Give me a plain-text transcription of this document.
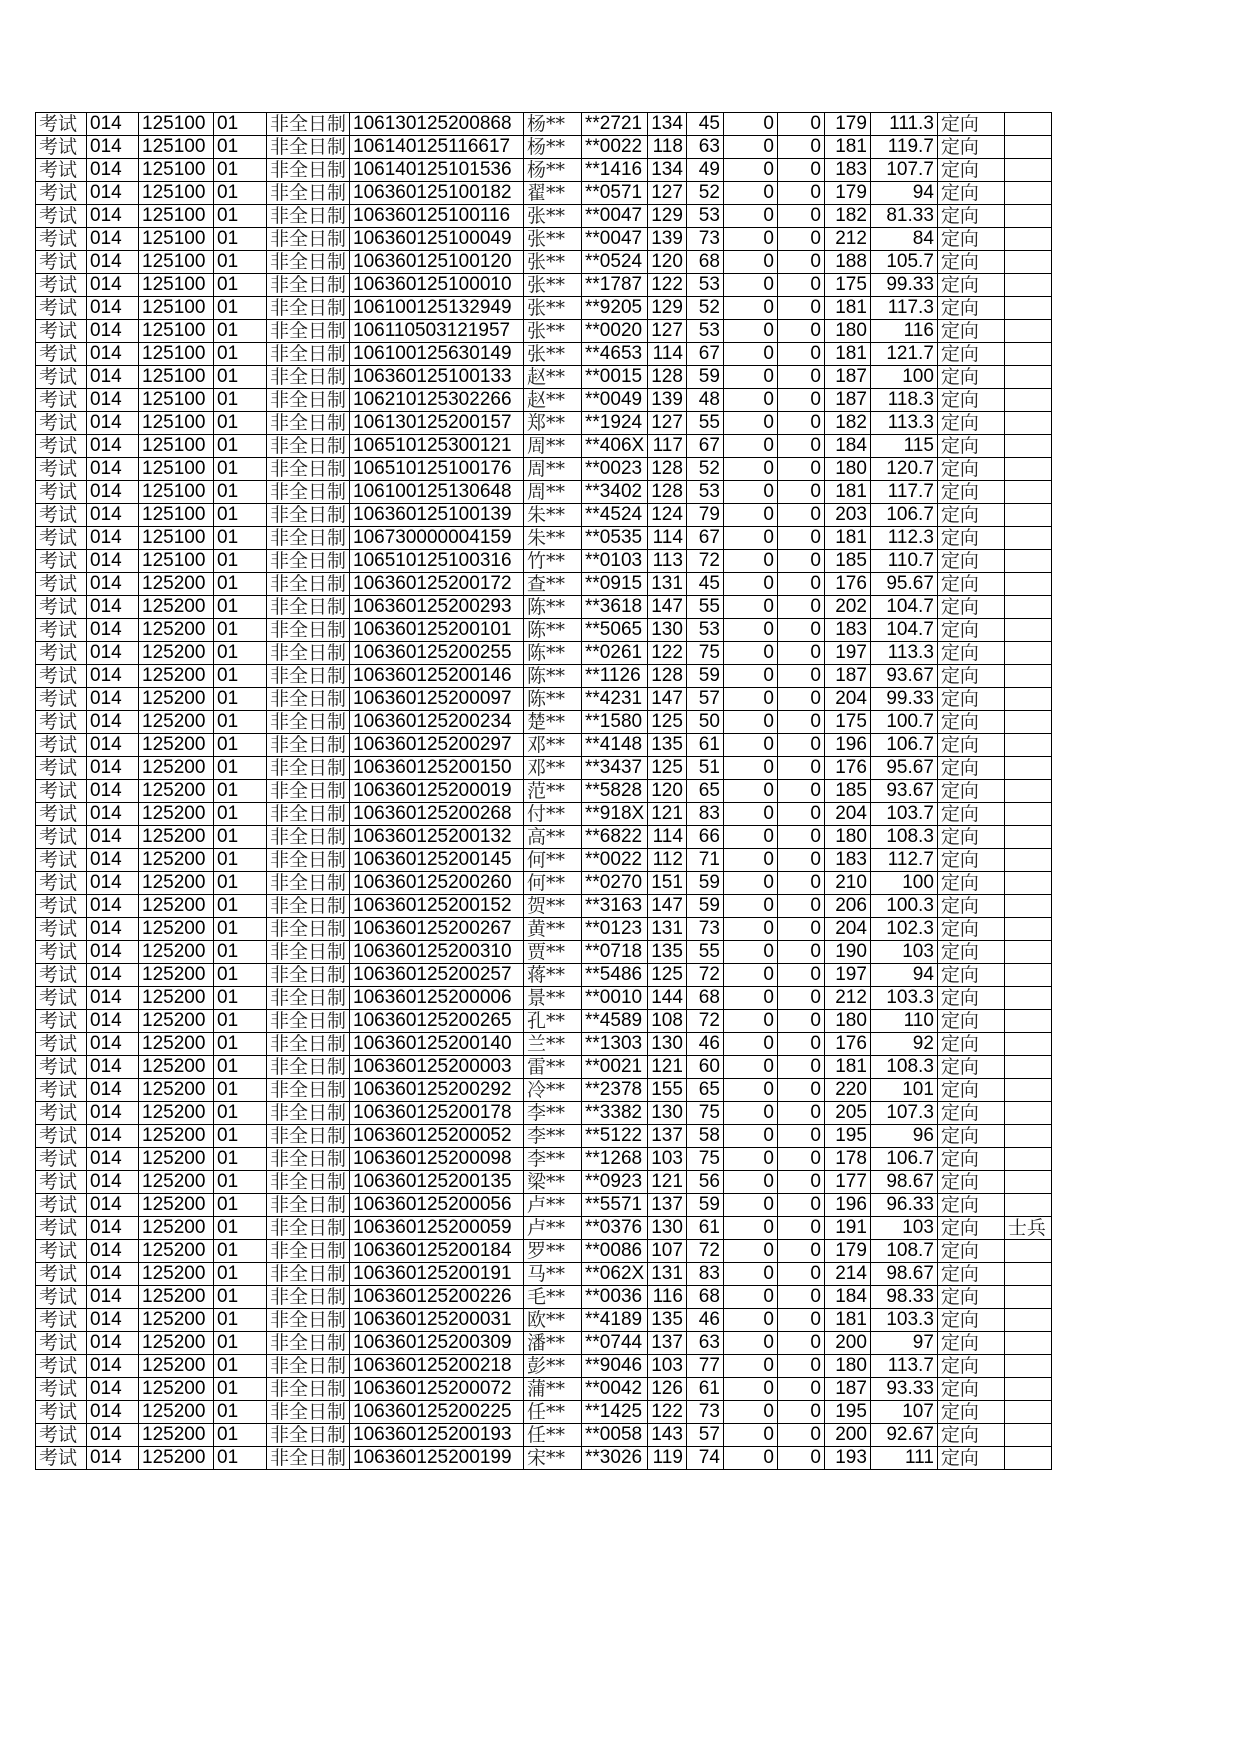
考试	014	125100	01	非全日制	106130125200868	杨**	**2721	134	45	0	0	179	111.3	定向	
考试	014	125100	01	非全日制	106140125116617	杨**	**0022	118	63	0	0	181	119.7	定向	
考试	014	125100	01	非全日制	106140125101536	杨**	**1416	134	49	0	0	183	107.7	定向	
考试	014	125100	01	非全日制	106360125100182	翟**	**0571	127	52	0	0	179	94	定向	
考试	014	125100	01	非全日制	106360125100116	张**	**0047	129	53	0	0	182	81.33	定向	
考试	014	125100	01	非全日制	106360125100049	张**	**0047	139	73	0	0	212	84	定向	
考试	014	125100	01	非全日制	106360125100120	张**	**0524	120	68	0	0	188	105.7	定向	
考试	014	125100	01	非全日制	106360125100010	张**	**1787	122	53	0	0	175	99.33	定向	
考试	014	125100	01	非全日制	106100125132949	张**	**9205	129	52	0	0	181	117.3	定向	
考试	014	125100	01	非全日制	106110503121957	张**	**0020	127	53	0	0	180	116	定向	
考试	014	125100	01	非全日制	106100125630149	张**	**4653	114	67	0	0	181	121.7	定向	
考试	014	125100	01	非全日制	106360125100133	赵**	**0015	128	59	0	0	187	100	定向	
考试	014	125100	01	非全日制	106210125302266	赵**	**0049	139	48	0	0	187	118.3	定向	
考试	014	125100	01	非全日制	106130125200157	郑**	**1924	127	55	0	0	182	113.3	定向	
考试	014	125100	01	非全日制	106510125300121	周**	**406X	117	67	0	0	184	115	定向	
考试	014	125100	01	非全日制	106510125100176	周**	**0023	128	52	0	0	180	120.7	定向	
考试	014	125100	01	非全日制	106100125130648	周**	**3402	128	53	0	0	181	117.7	定向	
考试	014	125100	01	非全日制	106360125100139	朱**	**4524	124	79	0	0	203	106.7	定向	
考试	014	125100	01	非全日制	106730000004159	朱**	**0535	114	67	0	0	181	112.3	定向	
考试	014	125100	01	非全日制	106510125100316	竹**	**0103	113	72	0	0	185	110.7	定向	
考试	014	125200	01	非全日制	106360125200172	查**	**0915	131	45	0	0	176	95.67	定向	
考试	014	125200	01	非全日制	106360125200293	陈**	**3618	147	55	0	0	202	104.7	定向	
考试	014	125200	01	非全日制	106360125200101	陈**	**5065	130	53	0	0	183	104.7	定向	
考试	014	125200	01	非全日制	106360125200255	陈**	**0261	122	75	0	0	197	113.3	定向	
考试	014	125200	01	非全日制	106360125200146	陈**	**1126	128	59	0	0	187	93.67	定向	
考试	014	125200	01	非全日制	106360125200097	陈**	**4231	147	57	0	0	204	99.33	定向	
考试	014	125200	01	非全日制	106360125200234	楚**	**1580	125	50	0	0	175	100.7	定向	
考试	014	125200	01	非全日制	106360125200297	邓**	**4148	135	61	0	0	196	106.7	定向	
考试	014	125200	01	非全日制	106360125200150	邓**	**3437	125	51	0	0	176	95.67	定向	
考试	014	125200	01	非全日制	106360125200019	范**	**5828	120	65	0	0	185	93.67	定向	
考试	014	125200	01	非全日制	106360125200268	付**	**918X	121	83	0	0	204	103.7	定向	
考试	014	125200	01	非全日制	106360125200132	高**	**6822	114	66	0	0	180	108.3	定向	
考试	014	125200	01	非全日制	106360125200145	何**	**0022	112	71	0	0	183	112.7	定向	
考试	014	125200	01	非全日制	106360125200260	何**	**0270	151	59	0	0	210	100	定向	
考试	014	125200	01	非全日制	106360125200152	贺**	**3163	147	59	0	0	206	100.3	定向	
考试	014	125200	01	非全日制	106360125200267	黄**	**0123	131	73	0	0	204	102.3	定向	
考试	014	125200	01	非全日制	106360125200310	贾**	**0718	135	55	0	0	190	103	定向	
考试	014	125200	01	非全日制	106360125200257	蒋**	**5486	125	72	0	0	197	94	定向	
考试	014	125200	01	非全日制	106360125200006	景**	**0010	144	68	0	0	212	103.3	定向	
考试	014	125200	01	非全日制	106360125200265	孔**	**4589	108	72	0	0	180	110	定向	
考试	014	125200	01	非全日制	106360125200140	兰**	**1303	130	46	0	0	176	92	定向	
考试	014	125200	01	非全日制	106360125200003	雷**	**0021	121	60	0	0	181	108.3	定向	
考试	014	125200	01	非全日制	106360125200292	冷**	**2378	155	65	0	0	220	101	定向	
考试	014	125200	01	非全日制	106360125200178	李**	**3382	130	75	0	0	205	107.3	定向	
考试	014	125200	01	非全日制	106360125200052	李**	**5122	137	58	0	0	195	96	定向	
考试	014	125200	01	非全日制	106360125200098	李**	**1268	103	75	0	0	178	106.7	定向	
考试	014	125200	01	非全日制	106360125200135	梁**	**0923	121	56	0	0	177	98.67	定向	
考试	014	125200	01	非全日制	106360125200056	卢**	**5571	137	59	0	0	196	96.33	定向	
考试	014	125200	01	非全日制	106360125200059	卢**	**0376	130	61	0	0	191	103	定向	士兵
考试	014	125200	01	非全日制	106360125200184	罗**	**0086	107	72	0	0	179	108.7	定向	
考试	014	125200	01	非全日制	106360125200191	马**	**062X	131	83	0	0	214	98.67	定向	
考试	014	125200	01	非全日制	106360125200226	毛**	**0036	116	68	0	0	184	98.33	定向	
考试	014	125200	01	非全日制	106360125200031	欧**	**4189	135	46	0	0	181	103.3	定向	
考试	014	125200	01	非全日制	106360125200309	潘**	**0744	137	63	0	0	200	97	定向	
考试	014	125200	01	非全日制	106360125200218	彭**	**9046	103	77	0	0	180	113.7	定向	
考试	014	125200	01	非全日制	106360125200072	蒲**	**0042	126	61	0	0	187	93.33	定向	
考试	014	125200	01	非全日制	106360125200225	任**	**1425	122	73	0	0	195	107	定向	
考试	014	125200	01	非全日制	106360125200193	任**	**0058	143	57	0	0	200	92.67	定向	
考试	014	125200	01	非全日制	106360125200199	宋**	**3026	119	74	0	0	193	111	定向	
